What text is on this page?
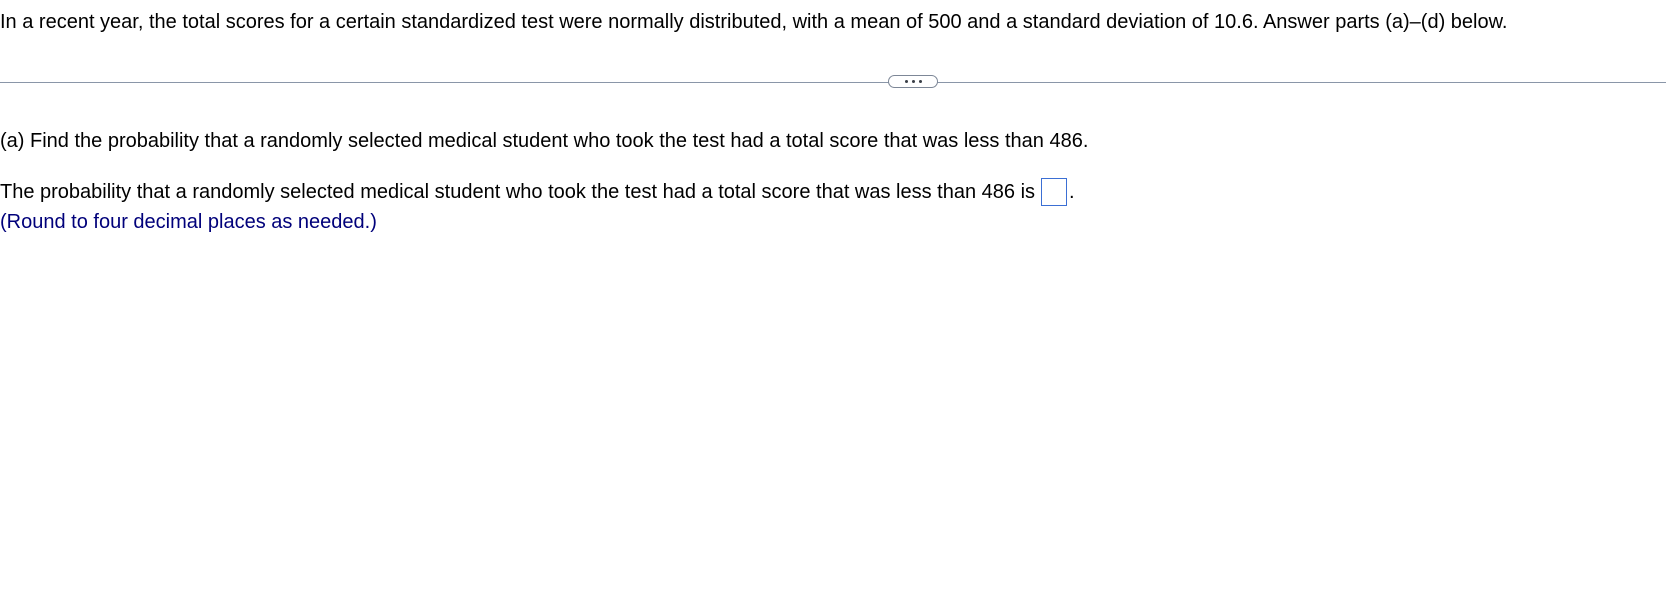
In a recent year, the total scores for a certain standardized test were normally distributed, with a mean of 500 and a standard deviation of 10.6. Answer parts (a)–(d) below.
(a) Find the probability that a randomly selected medical student who took the test had a total score that was less than 486.
The probability that a randomly selected medical student who took the test had a total score that was less than 486 is .
(Round to four decimal places as needed.)
